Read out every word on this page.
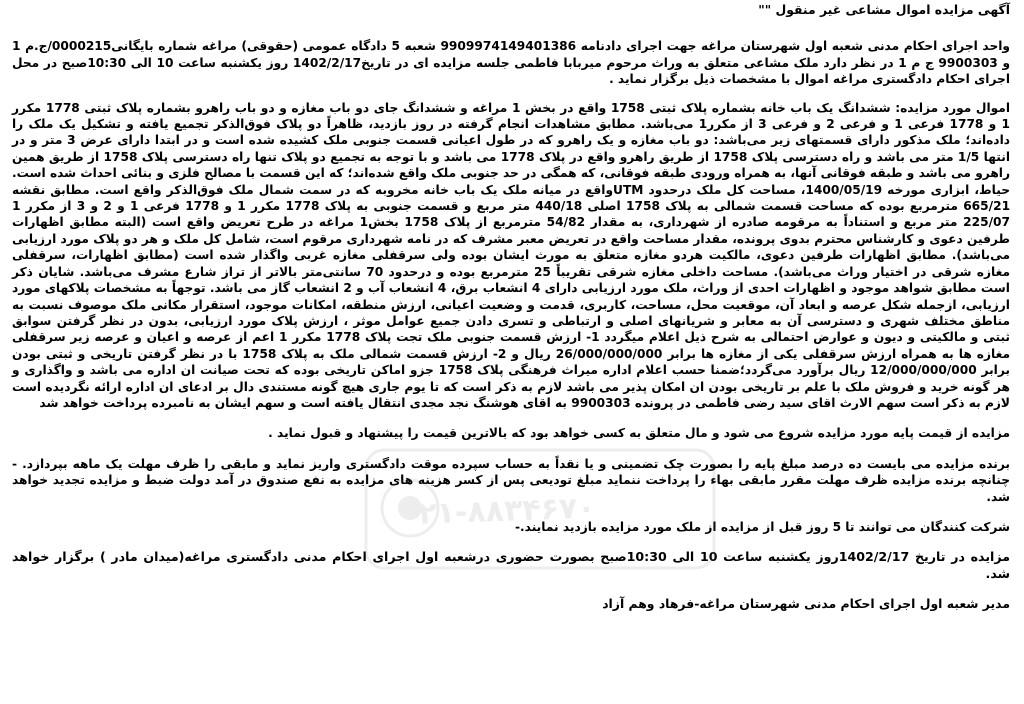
آگهی مزایده اموال مشاعی غیر منقول ""

واحد اجرای احکام مدنی شعبه اول شهرستان مراغه جهت اجرای دادنامه 9909974149401386 شعبه 5 دادگاه عمومی (حقوقی) مراغه شماره بایگانی0000215/ج.م 1 و 9900303 ج م 1 در نظر دارد ملک مشاعی متعلق به وراث مرحوم میربابا فاطمی جلسه مزایده ای در تاریخ1402/2/17 روز یکشنبه ساعت 10 الی 10:30صبح در محل اجرای احکام دادگستری مراغه اموال با مشخصات ذیل برگزار نماید .

اموال مورد مزایده: ششدانگ یک باب خانه بشماره پلاک ثبتی 1758 واقع در بخش 1 مراغه و ششدانگ جای دو باب مغازه و دو باب راهرو بشماره پلاک ثبتی 1778 مکرر 1 و 1778 فرعی 1 و فرعی 2 و فرعی 3 از مکرر1 می‌باشد. مطابق مشاهدات انجام گرفته در روز بازدید، ظاهراً دو پلاک فوق‌الذکر تجمیع یافته و تشکیل یک ملک را داده‌اند؛ ملک مذکور دارای قسمتهای زیر می‌باشد: دو باب مغازه و یک راهرو که در طول اعیانی قسمت جنوبی ملک کشیده شده است و در ابتدا دارای عرض 3 متر و در انتها 1/5 متر می باشد و راه دسترسی پلاک 1758 از طریق راهرو واقع در پلاک 1778 می باشد و با توجه به تجمیع دو پلاک تنها راه دسترسی پلاک 1758 از طریق همین راهرو می باشد و طبقه فوقانی آنها، به همراه ورودی طبقه فوقانی، که همگی در حد جنوبی ملک واقع شده‌اند؛ که این قسمت با مصالح فلزی و بنائی احداث شده است. حیاط، ابزاری مورخه 1400/05/19، مساحت کل ملک درحدود UTMواقع در میانه ملک یک باب خانه مخروبه که در سمت شمال ملک فوق‌الذکر واقع است. مطابق نقشه 665/21 مترمربع بوده که مساحت قسمت شمالی به پلاک 1758 اصلی 440/18 متر مربع و قسمت جنوبی به پلاک 1778 مکرر 1 و 1778 فرعی 1 و 2 و 3 از مکرر 1 225/07 متر مربع و استناداً به مرقومه صادره از شهرداری، به مقدار 54/82 مترمربع از پلاک 1758 بخش1 مراغه در طرح تعریض واقع است (البته مطابق اظهارات طرفین دعوی و کارشناس محترم بدوی پرونده، مقدار مساحت واقع در تعریض معبر مشرف که در نامه شهرداری مرقوم است، شامل کل ملک و هر دو پلاک مورد ارزیابی می‌باشد). مطابق اظهارات طرفین دعوی، مالکیت هردو مغازه متعلق به مورث ایشان بوده ولی سرقفلی مغازه غربی واگذار شده است (مطابق اظهارات، سرقفلی مغازه شرقی در اختیار وراث می‌باشد). مساحت داخلی مغازه شرقی تقریباً 25 مترمربع بوده و درحدود 70 سانتی‌متر بالاتر از تراز شارع مشرف می‌باشد. شایان ذکر است مطابق شواهد موجود و اظهارات احدی از وراث، ملک مورد ارزیابی دارای 4 انشعاب برق، 4 انشعاب آب و 2 انشعاب گاز می باشد. توجهاً به مشخصات پلاکهای مورد ارزیابی، ازجمله شکل عرصه و ابعاد آن، موقعیت محل، مساحت، کاربری، قدمت و وضعیت اعیانی، ارزش منطقه، امکانات موجود، استقرار مکانی ملک موصوف نسبت به مناطق مختلف شهری و دسترسی آن به معابر و شریانهای اصلی و ارتباطی و تسری دادن جمیع عوامل موثر ، ارزش پلاک مورد ارزیابی، بدون در نظر گرفتن سوابق ثبتی و مالکیتی و دیون و عوارض احتمالی به شرح ذیل اعلام میگردد 1- ارزش قسمت جنوبی ملک تجت پلاک 1778 مکرر 1 اعم از عرصه و اعیان و عرصه زیر سرقفلی مغازه ها به همراه ارزش سرقفلی یکی از مغازه ها برابر 26/000/000/000 ریال و 2- ارزش قسمت شمالی ملک به پلاک 1758 با در نظر گرفتن تاریخی و ثبتی بودن برابر 12/000/000/000 ریال برآورد می‌گردد؛ضمنا حسب اعلام اداره میراث فرهنگی پلاک 1758 جزو اماکن تاریخی بوده که تحت صیانت ان اداره می باشد و واگذاری و هر گونه خرید و فروش ملک با علم بر تاریخی بودن ان امکان پذیر می باشد لازم به ذکر است که تا یوم جاری هیچ گونه مستندی دال بر ادعای ان اداره ارائه نگردیده است لازم به ذکر است سهم الارث اقای سید رضی فاطمی در پرونده 9900303 به اقای هوشنگ نجد مجدی انتقال یافته است و سهم ایشان به نامبرده پرداخت خواهد شد

مزایده از قیمت پایه مورد مزایده شروع می شود و مال متعلق به کسی خواهد بود که بالاترین قیمت را پیشنهاد و قبول نماید .

برنده مزایده می بایست ده درصد مبلغ پایه را بصورت چک تضمینی و یا نقداً به حساب سپرده موقت دادگستری واریز نماید و مابقی را ظرف مهلت یک ماهه بپردازد. - چنانچه برنده مزایده ظرف مهلت مقرر مابقی بهاء را پرداخت ننماید مبلغ تودیعی پس از کسر هزینه های مزایده به نفع صندوق در آمد دولت ضبط و مزایده تجدید خواهد شد.

شرکت کنندگان می توانند تا 5 روز قبل از مزایده از ملک مورد مزایده بازدید نمایند.-

مزایده در تاریخ 1402/2/17روز یکشنبه ساعت 10 الی 10:30صبح بصورت حضوری درشعبه اول اجرای احکام مدنی دادگستری مراغه(میدان مادر ) برگزار خواهد شد.

مدیر شعبه اول اجرای احکام مدنی شهرستان مراغه-فرهاد وهم آزاد

۰۲۱-۸۸۳۴۶۷۰
